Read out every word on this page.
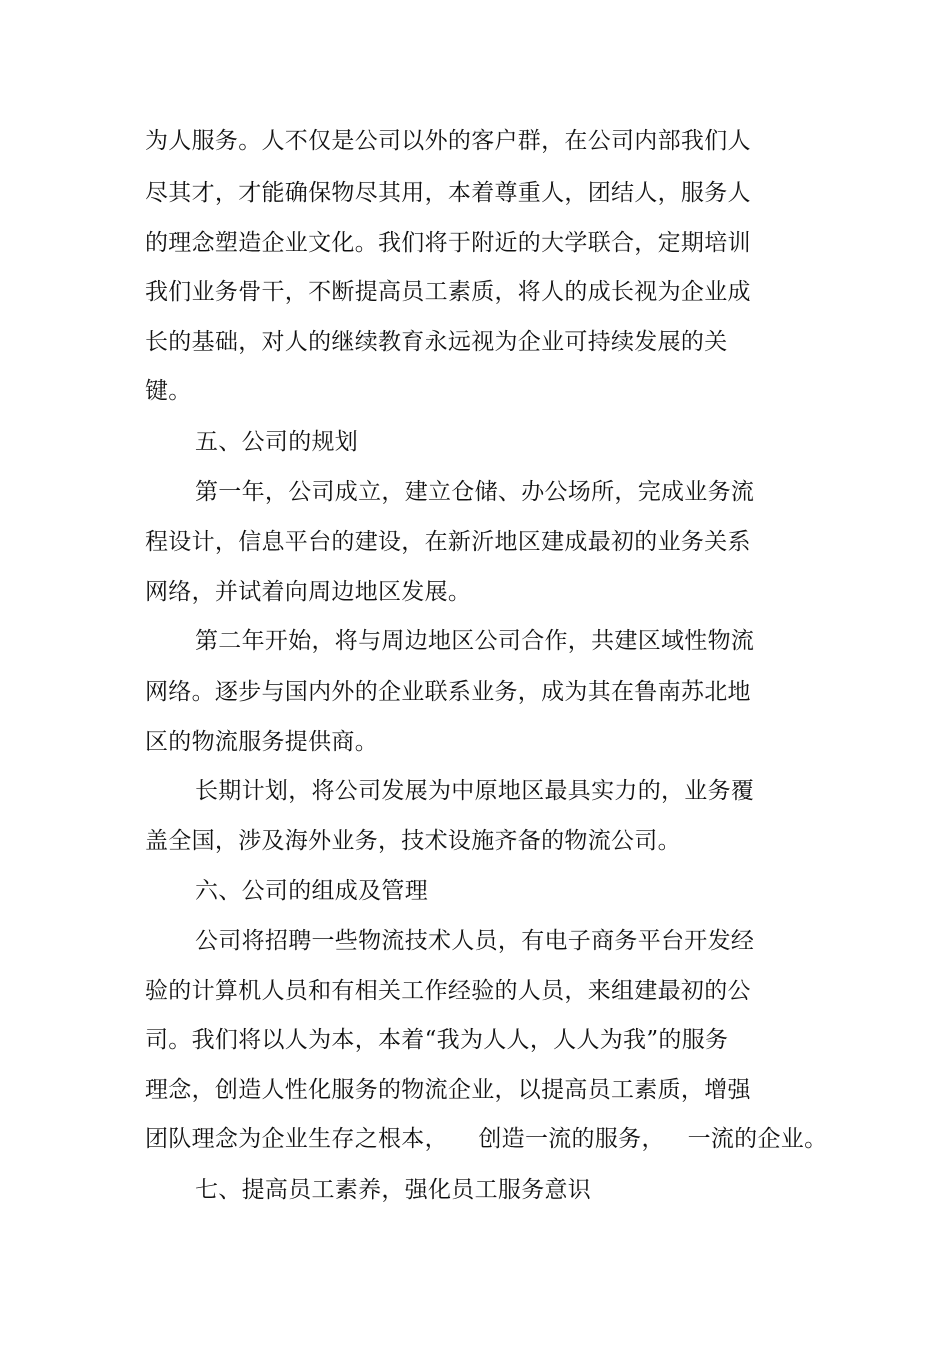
为人服务。人不仅是公司以外的客户群，在公司内部我们人
尽其才，才能确保物尽其用，本着尊重人，团结人，服务人
的理念塑造企业文化。我们将于附近的大学联合，定期培训
我们业务骨干，不断提高员工素质，将人的成长视为企业成
长的基础，对人的继续教育永远视为企业可持续发展的关
键。
五、公司的规划
第一年，公司成立，建立仓储、办公场所，完成业务流
程设计，信息平台的建设，在新沂地区建成最初的业务关系
网络，并试着向周边地区发展。
第二年开始，将与周边地区公司合作，共建区域性物流
网络。逐步与国内外的企业联系业务，成为其在鲁南苏北地
区的物流服务提供商。
长期计划，将公司发展为中原地区最具实力的，业务覆
盖全国，涉及海外业务，技术设施齐备的物流公司。
六、公司的组成及管理
公司将招聘一些物流技术人员，有电子商务平台开发经
验的计算机人员和有相关工作经验的人员，来组建最初的公
司。我们将以人为本，本着“我为人人，人人为我”的服务
理念，创造人性化服务的物流企业，以提高员工素质，增强
团队理念为企业生存之根本，    创造一流的服务，   一流的企业。
七、提高员工素养，强化员工服务意识
